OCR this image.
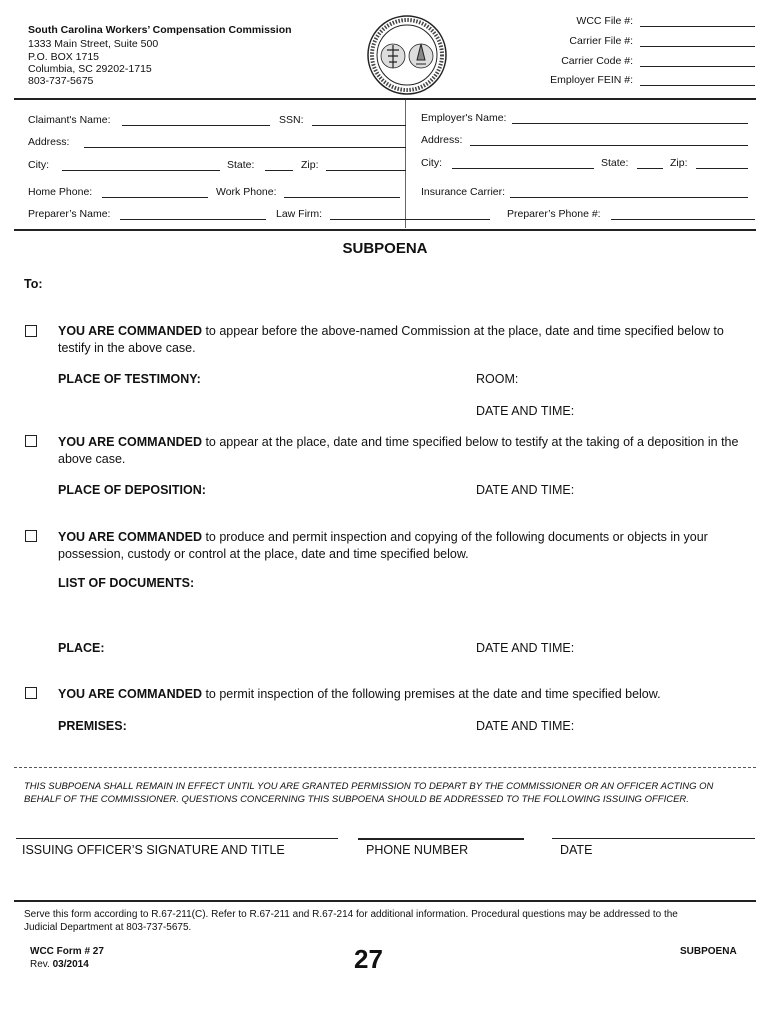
South Carolina Workers’ Compensation Commission
1333 Main Street, Suite 500
P.O. BOX 1715
Columbia, SC 29202-1715
803-737-5675
WCC File #:
Carrier File #:
Carrier Code #:
Employer FEIN #:
Claimant's Name:	SSN:
Address:
City:	State:	Zip:
Home Phone:	Work Phone:
Preparer’s Name:	Law Firm:
Employer's Name:
Address:
City:	State:	Zip:
Insurance Carrier:
Preparer’s Phone #:
SUBPOENA
To:
YOU ARE COMMANDED to appear before the above-named Commission at the place, date and time specified below to testify in the above case.
PLACE OF TESTIMONY:	ROOM:
DATE AND TIME:
YOU ARE COMMANDED to appear at the place, date and time specified below to testify at the taking of a deposition in the above case.
PLACE OF DEPOSITION:	DATE AND TIME:
YOU ARE COMMANDED to produce and permit inspection and copying of the following documents or objects in your possession, custody or control at the place, date and time specified below.
LIST OF DOCUMENTS:
PLACE:	DATE AND TIME:
YOU ARE COMMANDED to permit inspection of the following premises at the date and time specified below.
PREMISES:	DATE AND TIME:
THIS SUBPOENA SHALL REMAIN IN EFFECT UNTIL YOU ARE GRANTED PERMISSION TO DEPART BY THE COMMISSIONER OR AN OFFICER ACTING ON BEHALF OF THE COMMISSIONER. QUESTIONS CONCERNING THIS SUBPOENA SHOULD BE ADDRESSED TO THE FOLLOWING ISSUING OFFICER.
ISSUING OFFICER’S SIGNATURE AND TITLE	PHONE NUMBER	DATE
Serve this form according to R.67-211(C). Refer to R.67-211 and R.67-214 for additional information. Procedural questions may be addressed to the Judicial Department at 803-737-5675.
WCC Form # 27
Rev. 03/2014	27	SUBPOENA
